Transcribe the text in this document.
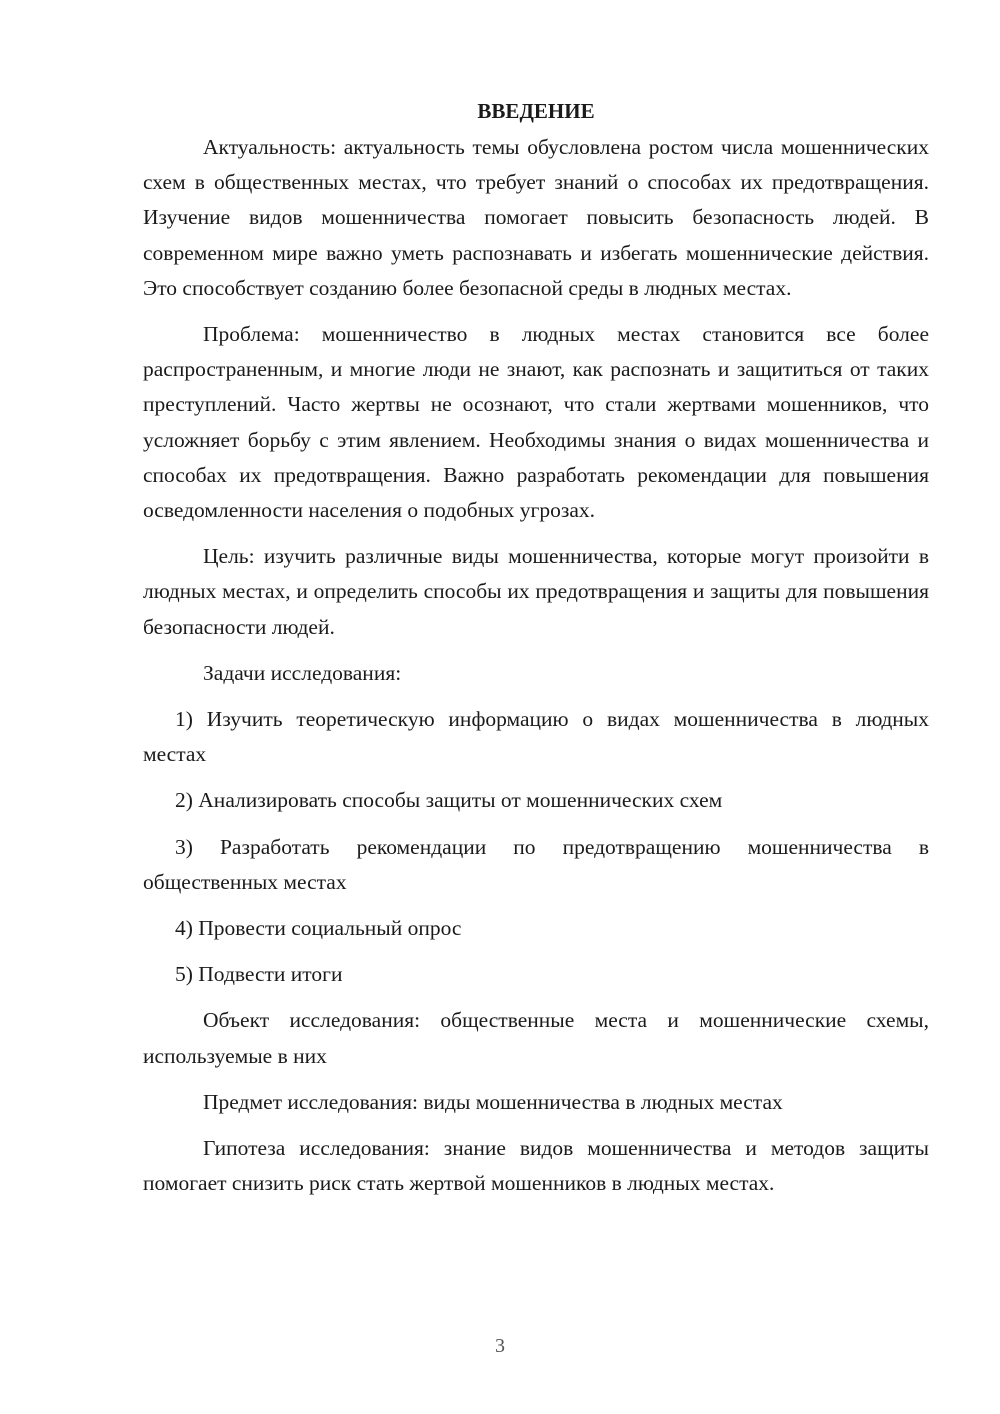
ВВЕДЕНИЕ

Актуальность: актуальность темы обусловлена ростом числа мошеннических схем в общественных местах, что требует знаний о способах их предотвращения. Изучение видов мошенничества помогает повысить безопасность людей. В современном мире важно уметь распознавать и избегать мошеннические действия. Это способствует созданию более безопасной среды в людных местах.

Проблема: мошенничество в людных местах становится все более распространенным, и многие люди не знают, как распознать и защититься от таких преступлений. Часто жертвы не осознают, что стали жертвами мошенников, что усложняет борьбу с этим явлением. Необходимы знания о видах мошенничества и способах их предотвращения. Важно разработать рекомендации для повышения осведомленности населения о подобных угрозах.

Цель: изучить различные виды мошенничества, которые могут произойти в людных местах, и определить способы их предотвращения и защиты для повышения безопасности людей.

Задачи исследования:

1) Изучить теоретическую информацию о видах мошенничества в людных местах

2) Анализировать способы защиты от мошеннических схем

3) Разработать рекомендации по предотвращению мошенничества в общественных местах

4) Провести социальный опрос

5) Подвести итоги

Объект исследования: общественные места и мошеннические схемы, используемые в них

Предмет исследования: виды мошенничества в людных местах

Гипотеза исследования: знание видов мошенничества и методов защиты помогает снизить риск стать жертвой мошенников в людных местах.

3
